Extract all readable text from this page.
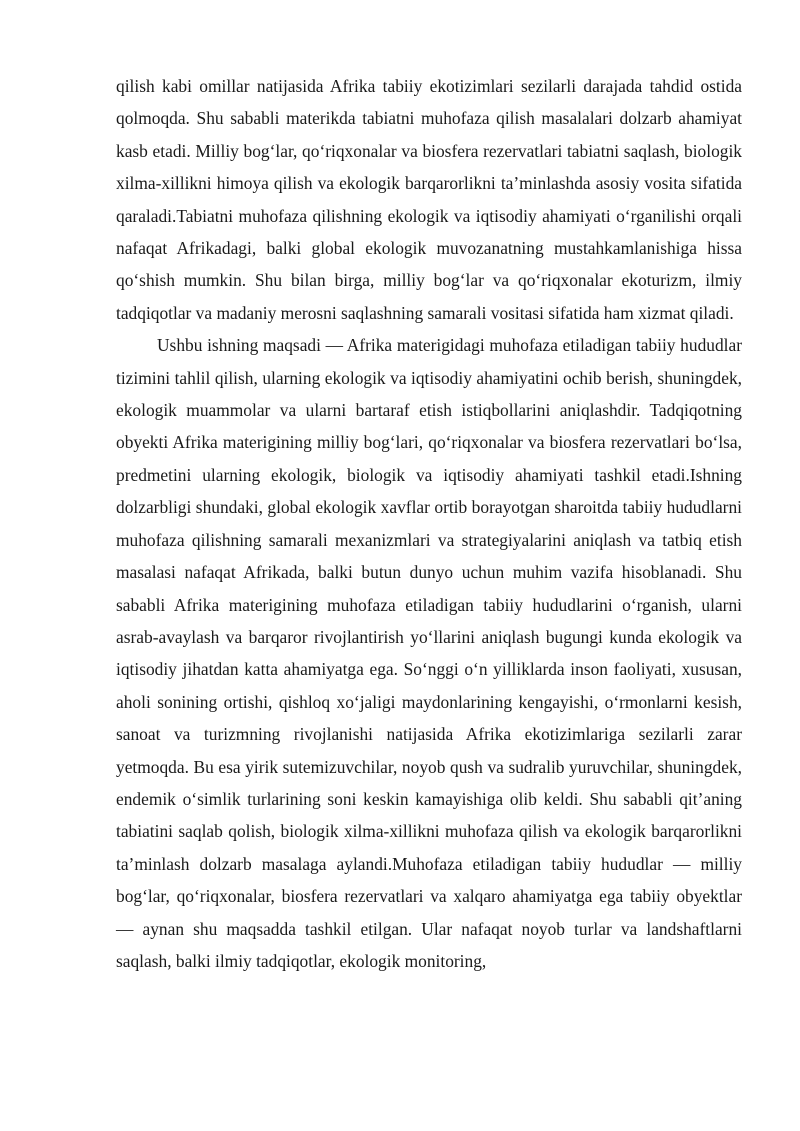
qilish kabi omillar natijasida Afrika tabiiy ekotizimlari sezilarli darajada tahdid ostida qolmoqda. Shu sababli materikda tabiatni muhofaza qilish masalalari dolzarb ahamiyat kasb etadi. Milliy bog‘lar, qo‘riqxonalar va biosfera rezervatlari tabiatni saqlash, biologik xilma-xillikni himoya qilish va ekologik barqarorlikni ta’minlashda asosiy vosita sifatida qaraladi.Tabiatni muhofaza qilishning ekologik va iqtisodiy ahamiyati o‘rganilishi orqali nafaqat Afrikadagi, balki global ekologik muvozanatning mustahkamlanishiga hissa qo‘shish mumkin. Shu bilan birga, milliy bog‘lar va qo‘riqxonalar ekoturizm, ilmiy tadqiqotlar va madaniy merosni saqlashning samarali vositasi sifatida ham xizmat qiladi.

Ushbu ishning maqsadi — Afrika materigidagi muhofaza etiladigan tabiiy hududlar tizimini tahlil qilish, ularning ekologik va iqtisodiy ahamiyatini ochib berish, shuningdek, ekologik muammolar va ularni bartaraf etish istiqbollarini aniqlashdir. Tadqiqotning obyekti Afrika materigining milliy bog‘lari, qo‘riqxonalar va biosfera rezervatlari bo‘lsa, predmetini ularning ekologik, biologik va iqtisodiy ahamiyati tashkil etadi.Ishning dolzarbligi shundaki, global ekologik xavflar ortib borayotgan sharoitda tabiiy hududlarni muhofaza qilishning samarali mexanizmlari va strategiyalarini aniqlash va tatbiq etish masalasi nafaqat Afrikada, balki butun dunyo uchun muhim vazifa hisoblanadi. Shu sababli Afrika materigining muhofaza etiladigan tabiiy hududlarini o‘rganish, ularni asrab-avaylash va barqaror rivojlantirish yo‘llarini aniqlash bugungi kunda ekologik va iqtisodiy jihatdan katta ahamiyatga ega. So‘nggi o‘n yilliklarda inson faoliyati, xususan, aholi sonining ortishi, qishloq xo‘jaligi maydonlarining kengayishi, o‘rmonlarni kesish, sanoat va turizmning rivojlanishi natijasida Afrika ekotizimlariga sezilarli zarar yetmoqda. Bu esa yirik sutemizuvchilar, noyob qush va sudralib yuruvchilar, shuningdek, endemik o‘simlik turlarining soni keskin kamayishiga olib keldi. Shu sababli qit’aning tabiatini saqlab qolish, biologik xilma-xillikni muhofaza qilish va ekologik barqarorlikni ta’minlash dolzarb masalaga aylandi.Muhofaza etiladigan tabiiy hududlar — milliy bog‘lar, qo‘riqxonalar, biosfera rezervatlari va xalqaro ahamiyatga ega tabiiy obyektlar — aynan shu maqsadda tashkil etilgan. Ular nafaqat noyob turlar va landshaftlarni saqlash, balki ilmiy tadqiqotlar, ekologik monitoring,
